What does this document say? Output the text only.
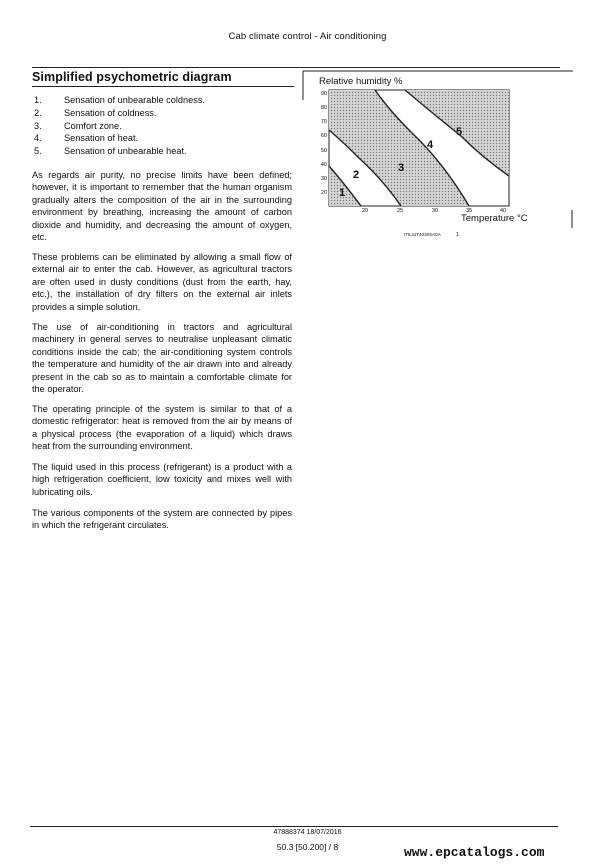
Cab climate control - Air conditioning
Simplified psychometric diagram
1. Sensation of unbearable coldness.
2. Sensation of coldness.
3. Comfort zone.
4. Sensation of heat.
5. Sensation of unbearable heat.

As regards air purity, no precise limits have been defined; however, it is important to remember that the human organism gradually alters the composition of the air in the surrounding environment by breathing, increasing the amount of carbon dioxide and humidity, and decreasing the amount of oxygen, etc.

These problems can be eliminated by allowing a small flow of external air to enter the cab. However, as agricultural tractors are often used in dusty conditions (dust from the earth, hay, etc.), the installation of dry filters on the external air inlets provides a simple solution.

The use of air-conditioning in tractors and agricultural machinery in general serves to neutralise unpleasant climatic conditions inside the cab; the air-conditioning system controls the temperature and humidity of the air drawn into and already present in the cab so as to maintain a comfortable climate for the operator.

The operating principle of the system is similar to that of a domestic refrigerator: heat is removed from the air by means of a physical process (the evaporation of a liquid) which draws heat from the surrounding environment.

The liquid used in this process (refrigerant) is a product with a high refrigeration coefficient, low toxicity and mixes well with lubricating oils.

The various components of the system are connected by pipes in which the refrigerant circulates.

Relative humidity %
1
2
3
4
5
20
30
40
50
60
70
80
90
20	25	30	35	40
Temperature °C
ITIL11T4030SA0A	1
47888374 18/07/2016
50.3 [50.200] / 8	www.epcatalogs.com
